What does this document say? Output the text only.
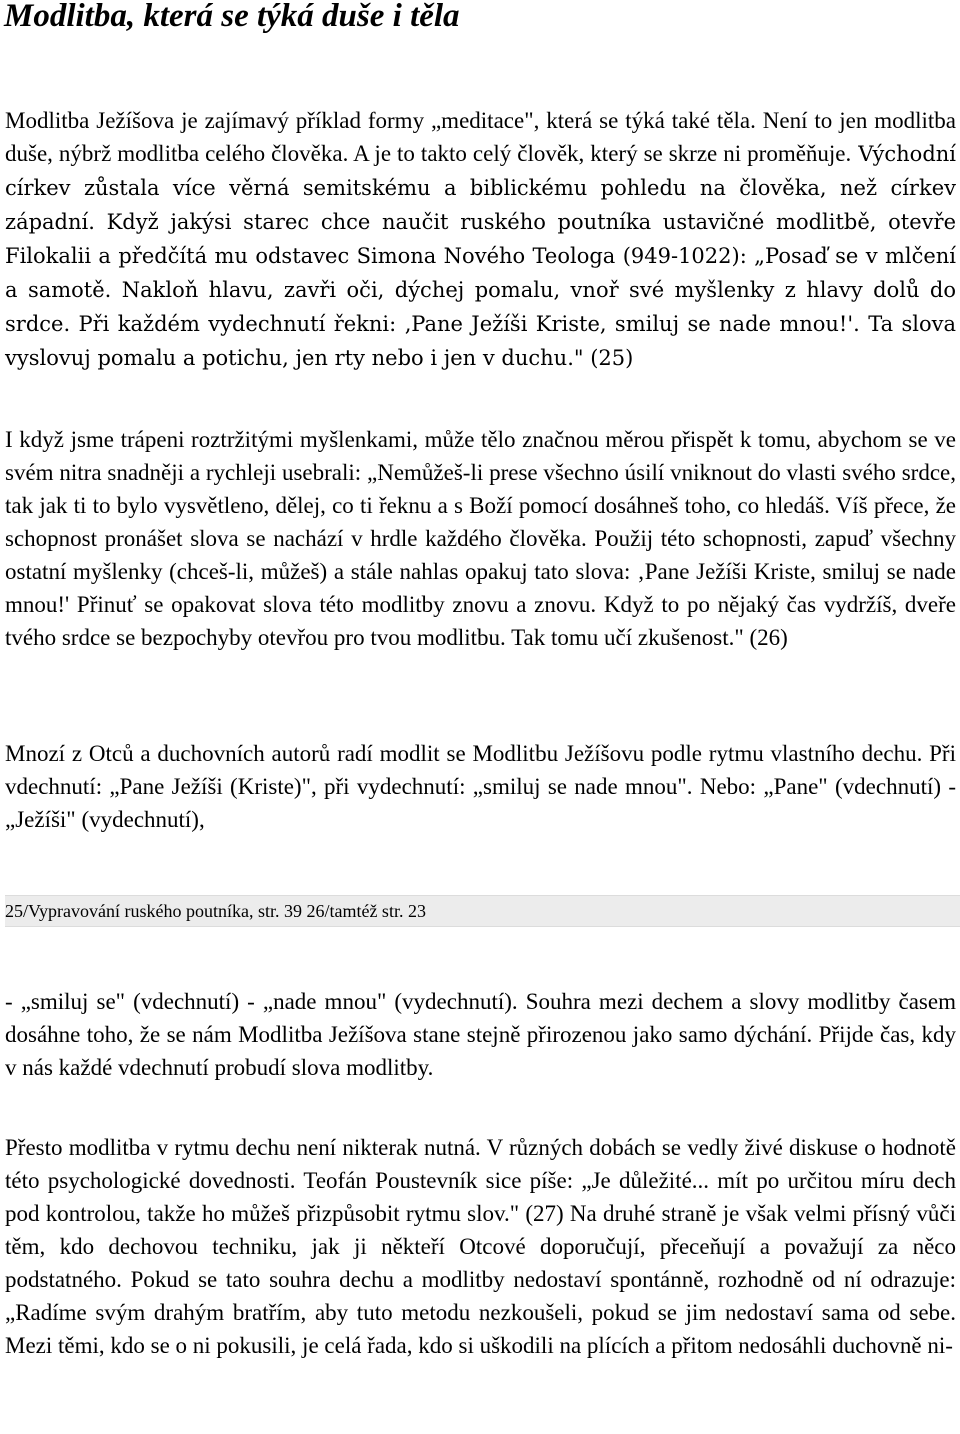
Modlitba, která se týká duše i těla

Modlitba Ježíšova je zajímavý příklad formy „meditace", která se týká také těla. Není to jen modlitba duše, nýbrž modlitba celého člověka. A je to takto celý člověk, který se skrze ni proměňuje. Východní církev zůstala více věrná semitskému a biblickému pohledu na člověka, než církev západní. Když jakýsi starec chce naučit ruského poutníka ustavičné modlitbě, otevře Filokalii a předčítá mu odstavec Simona Nového Teologa (949-1022): „Posaď se v mlčení a samotě. Nakloň hlavu, zavři oči, dýchej pomalu, vnoř své myšlenky z hlavy dolů do srdce. Při každém vydechnutí řekni: ‚Pane Ježíši Kriste, smiluj se nade mnou!'. Ta slova vyslovuj pomalu a potichu, jen rty nebo i jen v duchu." (25)

I když jsme trápeni roztržitými myšlenkami, může tělo značnou měrou přispět k tomu, abychom se ve svém nitra snadněji a rychleji usebrali: „Nemůžeš-li prese všechno úsilí vniknout do vlasti svého srdce, tak jak ti to bylo vysvětleno, dělej, co ti řeknu a s Boží pomocí dosáhneš toho, co hledáš. Víš přece, že schopnost pronášet slova se nachází v hrdle každého člověka. Použij této schopnosti, zapuď všechny ostatní myšlenky (chceš-li, můžeš) a stále nahlas opakuj tato slova: ‚Pane Ježíši Kriste, smiluj se nade mnou!' Přinuť se opakovat slova této modlitby znovu a znovu. Když to po nějaký čas vydržíš, dveře tvého srdce se bezpochyby otevřou pro tvou modlitbu. Tak tomu učí zkušenost." (26)

Mnozí z Otců a duchovních autorů radí modlit se Modlitbu Ježíšovu podle rytmu vlastního dechu. Při vdechnutí: „Pane Ježíši (Kriste)", při vydechnutí: „smiluj se nade mnou". Nebo: „Pane" (vdechnutí) - „Ježíši" (vydechnutí),

25/Vypravování ruského poutníka, str. 39 26/tamtéž str. 23

- „smiluj se" (vdechnutí) - „nade mnou" (vydechnutí). Souhra mezi dechem a slovy modlitby časem dosáhne toho, že se nám Modlitba Ježíšova stane stejně přirozenou jako samo dýchání. Přijde čas, kdy v nás každé vdechnutí probudí slova modlitby.

Přesto modlitba v rytmu dechu není nikterak nutná. V různých dobách se vedly živé diskuse o hodnotě této psychologické dovednosti. Teofán Poustevník sice píše: „Je důležité... mít po určitou míru dech pod kontrolou, takže ho můžeš přizpůsobit rytmu slov." (27) Na druhé straně je však velmi přísný vůči těm, kdo dechovou techniku, jak ji někteří Otcové doporučují, přeceňují a považují za něco podstatného. Pokud se tato souhra dechu a modlitby nedostaví spontánně, rozhodně od ní odrazuje: „Radíme svým drahým bratřím, aby tuto metodu nezkoušeli, pokud se jim nedostaví sama od sebe. Mezi těmi, kdo se o ni pokusili, je celá řada, kdo si uškodili na plících a přitom nedosáhli duchovně ni-
